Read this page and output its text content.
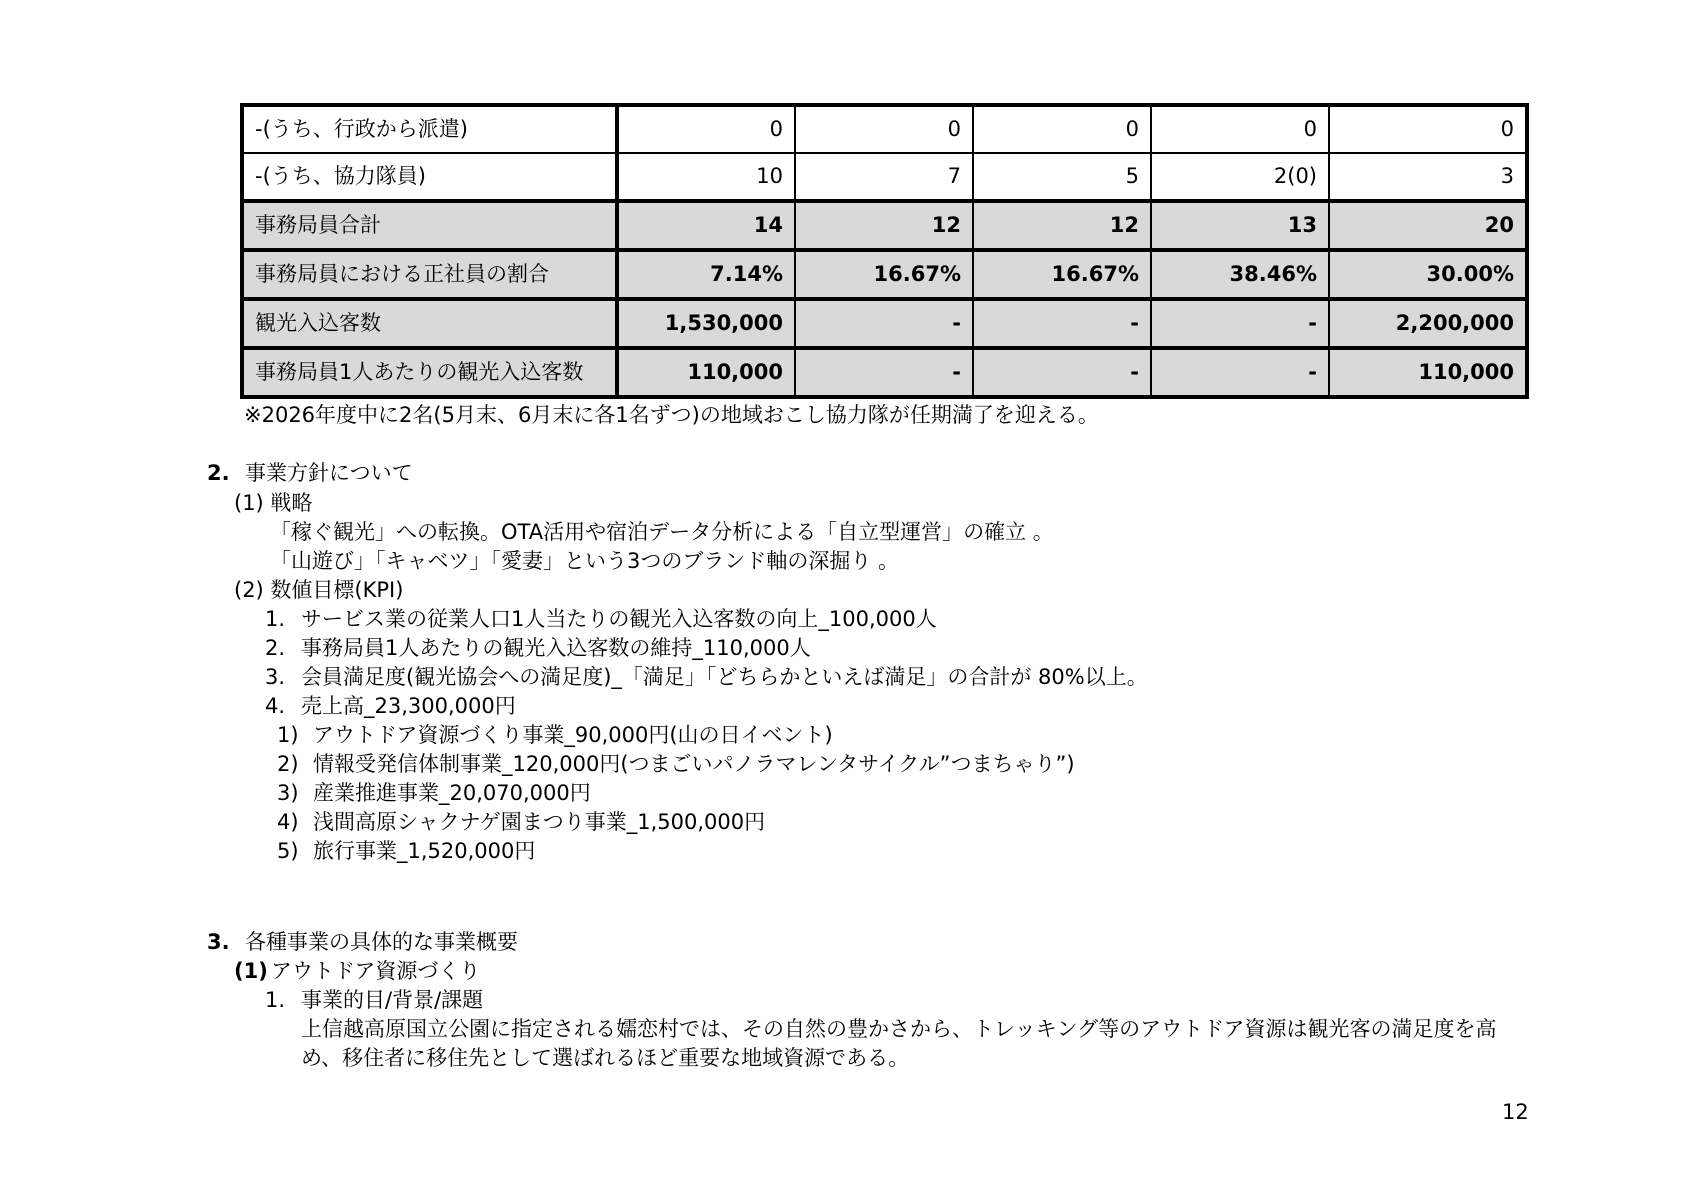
-(うち、行政から派遣)	0	0	0	0	0
-(うち、協力隊員)	10	7	5	2(0)	3
事務局員合計	14	12	12	13	20
事務局員における正社員の割合	7.14%	16.67%	16.67%	38.46%	30.00%
観光入込客数	1,530,000	-	-	-	2,200,000
事務局員1人あたりの観光入込客数	110,000	-	-	-	110,000
※2026年度中に2名(5月末、6月末に各1名ずつ)の地域おこし協力隊が任期満了を迎える。
2. 事業方針について
(1) 戦略
「稼ぐ観光」への転換。OTA活用や宿泊データ分析による「自立型運営」の確立 。
「山遊び」「キャベツ」「愛妻」という3つのブランド軸の深掘り 。
(2) 数値目標(KPI)
1. サービス業の従業人口1人当たりの観光入込客数の向上_100,000人
2. 事務局員1人あたりの観光入込客数の維持_110,000人
3. 会員満足度(観光協会への満足度)_「満足」「どちらかといえば満足」の合計が 80%以上。
4. 売上高_23,300,000円
1) アウトドア資源づくり事業_90,000円(山の日イベント)
2) 情報受発信体制事業_120,000円(つまごいパノラマレンタサイクル”つまちゃり”)
3) 産業推進事業_20,070,000円
4) 浅間高原シャクナゲ園まつり事業_1,500,000円
5) 旅行事業_1,520,000円
3. 各種事業の具体的な事業概要
(1) アウトドア資源づくり
1. 事業的目/背景/課題
上信越高原国立公園に指定される嬬恋村では、その自然の豊かさから、トレッキング等のアウトドア資源は観光客の満足度を高
め、移住者に移住先として選ばれるほど重要な地域資源である。
12
